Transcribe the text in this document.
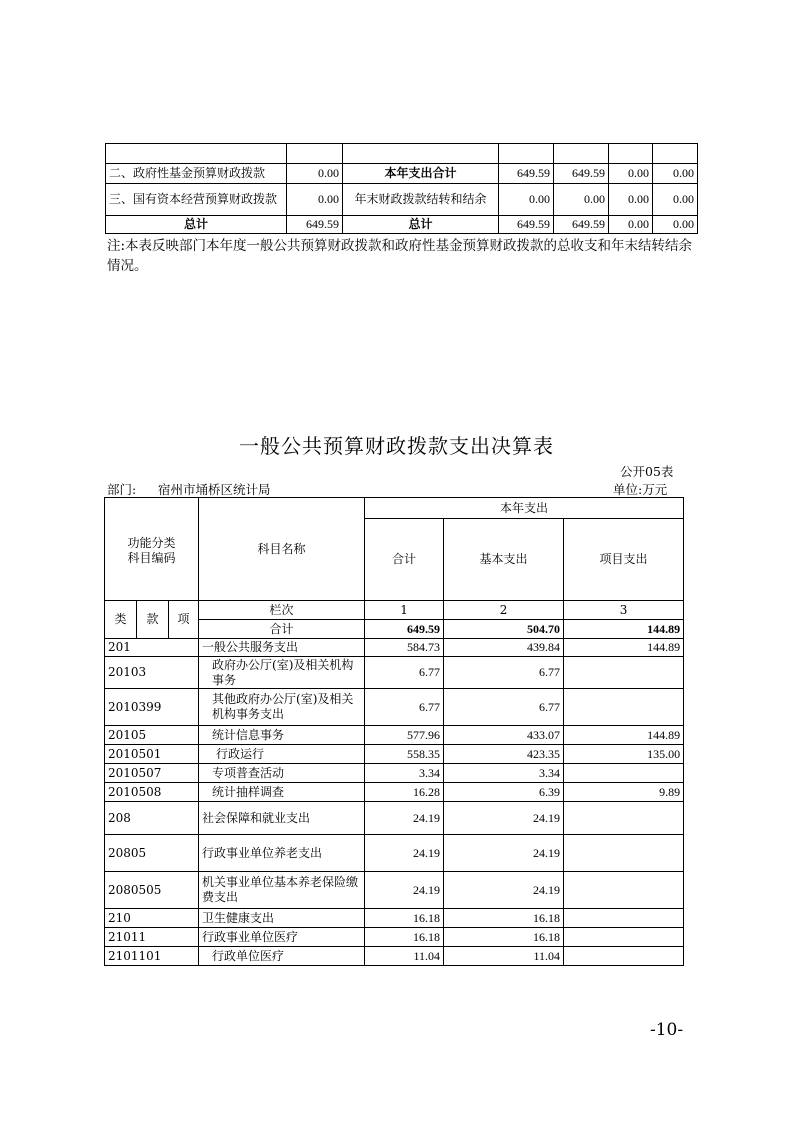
二、政府性基金预算财政拨款	0.00	本年支出合计	649.59	649.59	0.00	0.00
三、国有资本经营预算财政拨款	0.00	年末财政拨款结转和结余	0.00	0.00	0.00	0.00
总计	649.59	总计	649.59	649.59	0.00	0.00
注:本表反映部门本年度一般公共预算财政拨款和政府性基金预算财政拨款的总收支和年末结转结余情况。
一般公共预算财政拨款支出决算表
公开05表
部门: 宿州市埇桥区统计局	单位:万元
功能分类
科目编码			科目名称	本年支出		
				合计	基本支出	项目支出
类	款	项	栏次	1	2	3
			合计	649.59	504.70	144.89
201			一般公共服务支出	584.73	439.84	144.89
20103			政府办公厅(室)及相关机构事务	6.77	6.77	
2010399			其他政府办公厅(室)及相关机构事务支出	6.77	6.77	
20105			统计信息事务	577.96	433.07	144.89
2010501			行政运行	558.35	423.35	135.00
2010507			专项普查活动	3.34	3.34	
2010508			统计抽样调查	16.28	6.39	9.89
208			社会保障和就业支出	24.19	24.19	
20805			行政事业单位养老支出	24.19	24.19	
2080505			机关事业单位基本养老保险缴费支出	24.19	24.19	
210			卫生健康支出	16.18	16.18	
21011			行政事业单位医疗	16.18	16.18	
2101101			行政单位医疗	11.04	11.04	
-10-
